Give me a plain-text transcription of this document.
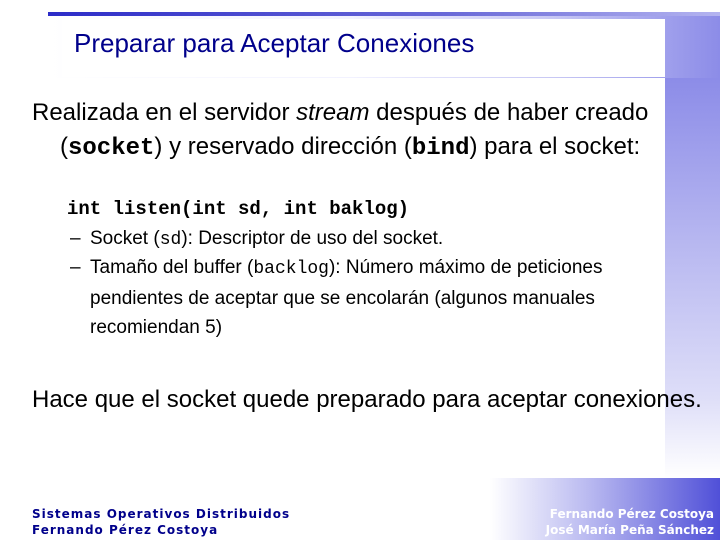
Preparar para Aceptar Conexiones

Realizada en el servidor stream después de haber creado (socket) y reservado dirección (bind) para el socket:

int listen(int sd, int baklog)
– Socket (sd): Descriptor de uso del socket.
– Tamaño del buffer (backlog): Número máximo de peticiones pendientes de aceptar que se encolarán (algunos manuales recomiendan 5)

Hace que el socket quede preparado para aceptar conexiones.

Sistemas Operativos Distribuidos
Fernando Pérez Costoya
Fernando Pérez Costoya
José María Peña Sánchez
